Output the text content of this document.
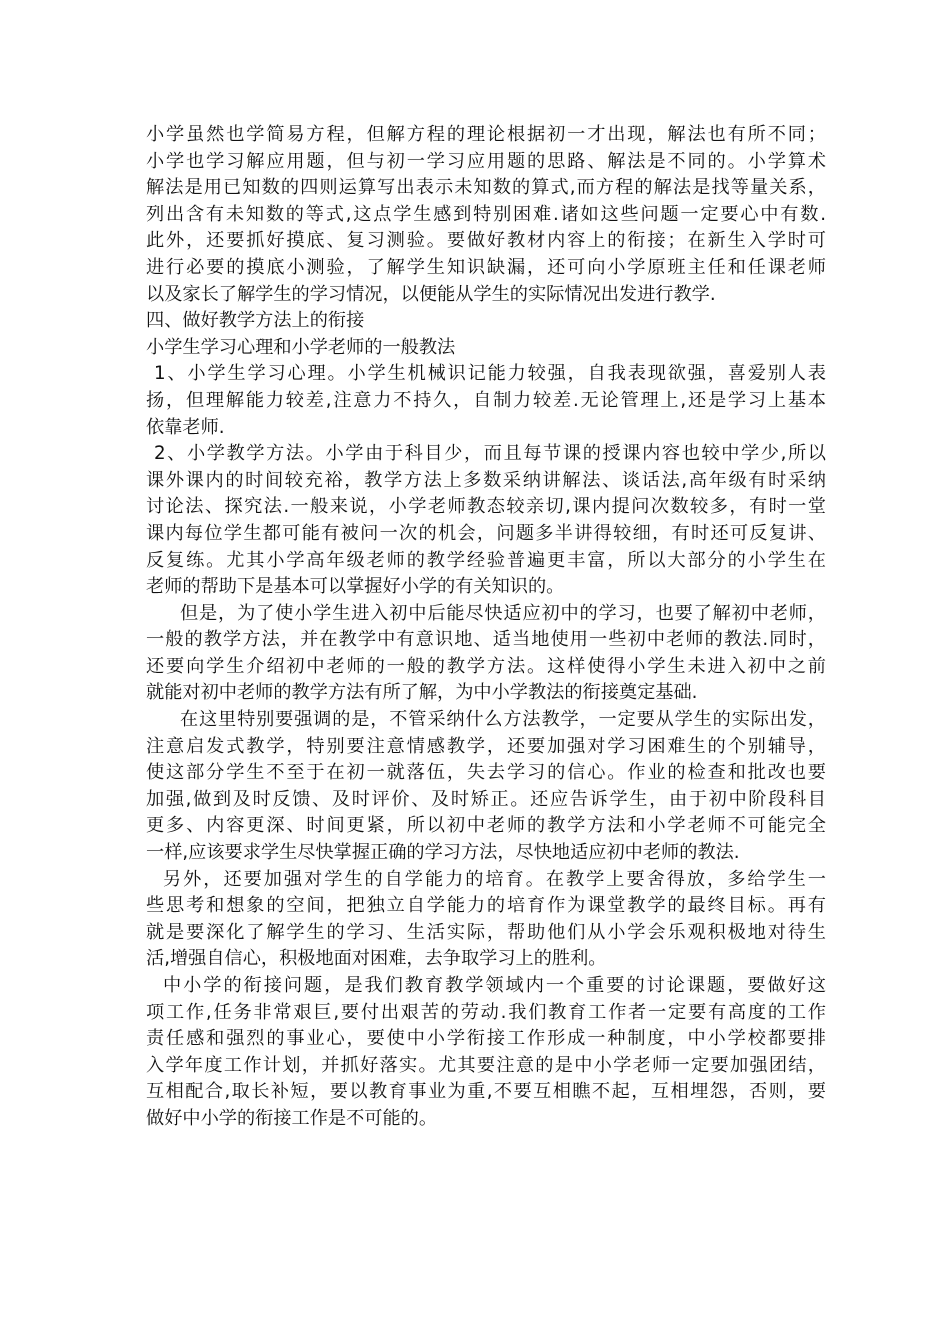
小学虽然也学简易方程，但解方程的理论根据初一才出现，解法也有所不同；
小学也学习解应用题，但与初一学习应用题的思路、解法是不同的。小学算术
解法是用已知数的四则运算写出表示未知数的算式,而方程的解法是找等量关系，
列出含有未知数的等式,这点学生感到特别困难.诸如这些问题一定要心中有数.
此外，还要抓好摸底、复习测验。要做好教材内容上的衔接；在新生入学时可
进行必要的摸底小测验，了解学生知识缺漏，还可向小学原班主任和任课老师
以及家长了解学生的学习情况，以便能从学生的实际情况出发进行教学.
四、做好教学方法上的衔接
小学生学习心理和小学老师的一般教法
1、小学生学习心理。小学生机械识记能力较强，自我表现欲强，喜爱别人表
扬，但理解能力较差,注意力不持久，自制力较差.无论管理上,还是学习上基本
依靠老师.
2、小学教学方法。小学由于科目少，而且每节课的授课内容也较中学少,所以
课外课内的时间较充裕，教学方法上多数采纳讲解法、谈话法,高年级有时采纳
讨论法、探究法.一般来说，小学老师教态较亲切,课内提问次数较多，有时一堂
课内每位学生都可能有被问一次的机会，问题多半讲得较细，有时还可反复讲、
反复练。尤其小学高年级老师的教学经验普遍更丰富，所以大部分的小学生在
老师的帮助下是基本可以掌握好小学的有关知识的。
但是，为了使小学生进入初中后能尽快适应初中的学习，也要了解初中老师，
一般的教学方法，并在教学中有意识地、适当地使用一些初中老师的教法.同时，
还要向学生介绍初中老师的一般的教学方法。这样使得小学生未进入初中之前
就能对初中老师的教学方法有所了解，为中小学教法的衔接奠定基础.
在这里特别要强调的是，不管采纳什么方法教学，一定要从学生的实际出发，
注意启发式教学，特别要注意情感教学，还要加强对学习困难生的个别辅导，
使这部分学生不至于在初一就落伍，失去学习的信心。作业的检查和批改也要
加强,做到及时反馈、及时评价、及时矫正。还应告诉学生，由于初中阶段科目
更多、内容更深、时间更紧，所以初中老师的教学方法和小学老师不可能完全
一样,应该要求学生尽快掌握正确的学习方法，尽快地适应初中老师的教法.
另外，还要加强对学生的自学能力的培育。在教学上要舍得放，多给学生一
些思考和想象的空间，把独立自学能力的培育作为课堂教学的最终目标。再有
就是要深化了解学生的学习、生活实际，帮助他们从小学会乐观积极地对待生
活,增强自信心，积极地面对困难，去争取学习上的胜利。
中小学的衔接问题，是我们教育教学领域内一个重要的讨论课题，要做好这
项工作,任务非常艰巨,要付出艰苦的劳动.我们教育工作者一定要有高度的工作
责任感和强烈的事业心，要使中小学衔接工作形成一种制度，中小学校都要排
入学年度工作计划，并抓好落实。尤其要注意的是中小学老师一定要加强团结，
互相配合,取长补短，要以教育事业为重,不要互相瞧不起，互相埋怨，否则，要
做好中小学的衔接工作是不可能的。
